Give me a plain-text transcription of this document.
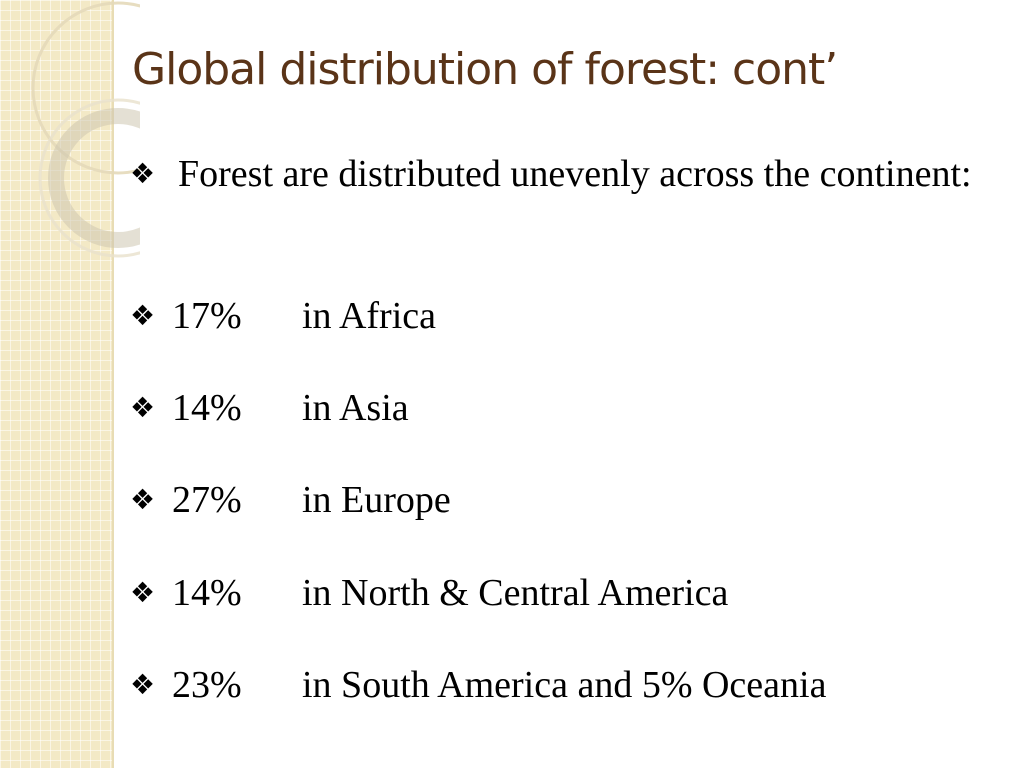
Global distribution of forest: cont’

❖ Forest are distributed unevenly across the continent:

❖ 17% in Africa
❖ 14% in Asia
❖ 27% in Europe
❖ 14% in North & Central America
❖ 23% in South America and 5% Oceania
